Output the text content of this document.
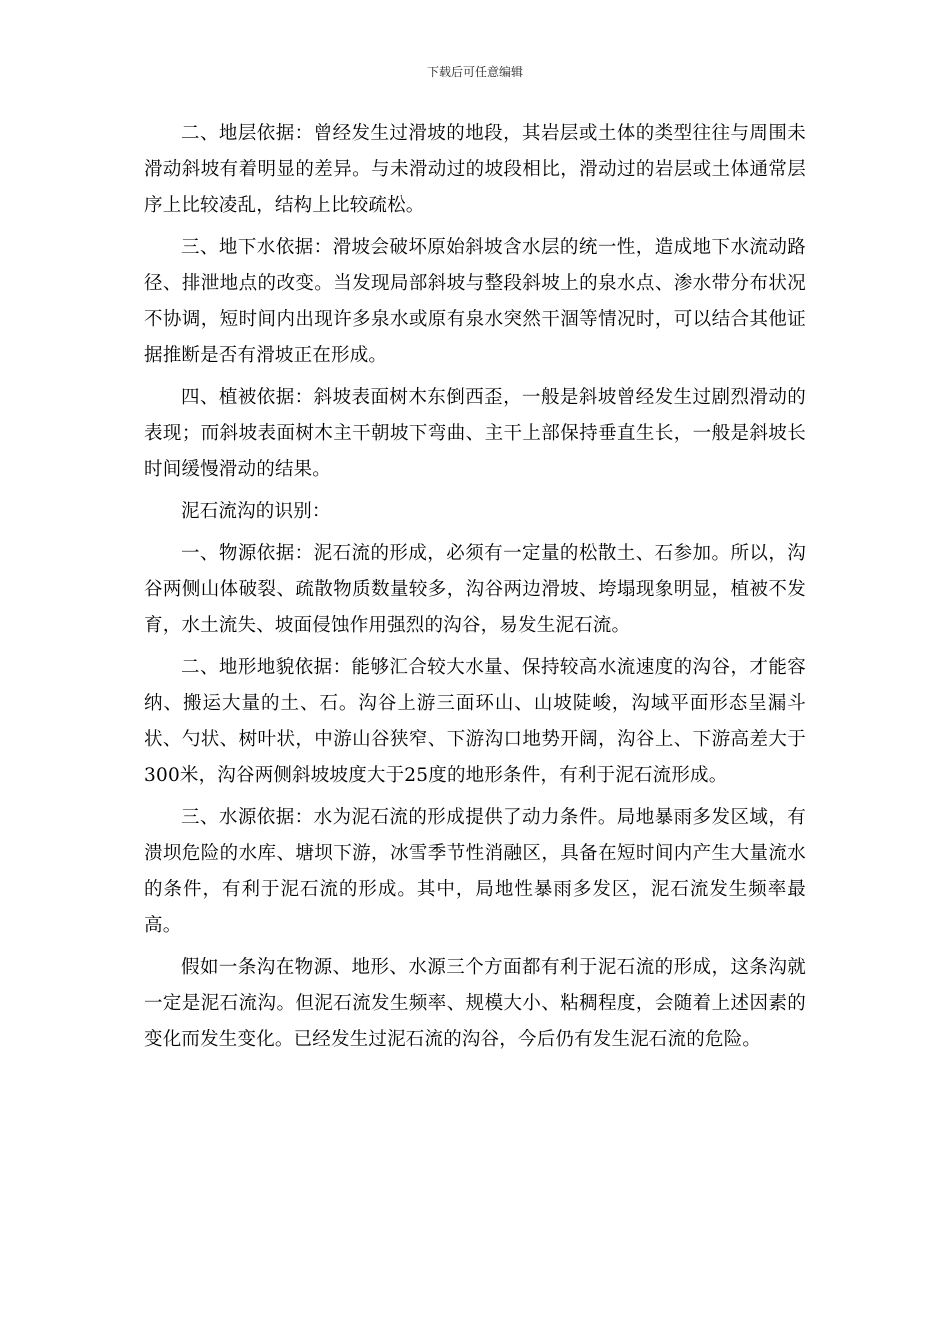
下载后可任意编辑

二、地层依据：曾经发生过滑坡的地段，其岩层或土体的类型往往与周围未滑动斜坡有着明显的差异。与未滑动过的坡段相比，滑动过的岩层或土体通常层序上比较凌乱，结构上比较疏松。

三、地下水依据：滑坡会破坏原始斜坡含水层的统一性，造成地下水流动路径、排泄地点的改变。当发现局部斜坡与整段斜坡上的泉水点、渗水带分布状况不协调，短时间内出现许多泉水或原有泉水突然干涸等情况时，可以结合其他证据推断是否有滑坡正在形成。

四、植被依据：斜坡表面树木东倒西歪，一般是斜坡曾经发生过剧烈滑动的表现；而斜坡表面树木主干朝坡下弯曲、主干上部保持垂直生长，一般是斜坡长时间缓慢滑动的结果。

泥石流沟的识别：

一、物源依据：泥石流的形成，必须有一定量的松散土、石参加。所以，沟谷两侧山体破裂、疏散物质数量较多，沟谷两边滑坡、垮塌现象明显，植被不发育，水土流失、坡面侵蚀作用强烈的沟谷，易发生泥石流。

二、地形地貌依据：能够汇合较大水量、保持较高水流速度的沟谷，才能容纳、搬运大量的土、石。沟谷上游三面环山、山坡陡峻，沟域平面形态呈漏斗状、勺状、树叶状，中游山谷狭窄、下游沟口地势开阔，沟谷上、下游高差大于300米，沟谷两侧斜坡坡度大于25度的地形条件，有利于泥石流形成。

三、水源依据：水为泥石流的形成提供了动力条件。局地暴雨多发区域，有溃坝危险的水库、塘坝下游，冰雪季节性消融区，具备在短时间内产生大量流水的条件，有利于泥石流的形成。其中，局地性暴雨多发区，泥石流发生频率最高。

假如一条沟在物源、地形、水源三个方面都有利于泥石流的形成，这条沟就一定是泥石流沟。但泥石流发生频率、规模大小、粘稠程度，会随着上述因素的变化而发生变化。已经发生过泥石流的沟谷，今后仍有发生泥石流的危险。
